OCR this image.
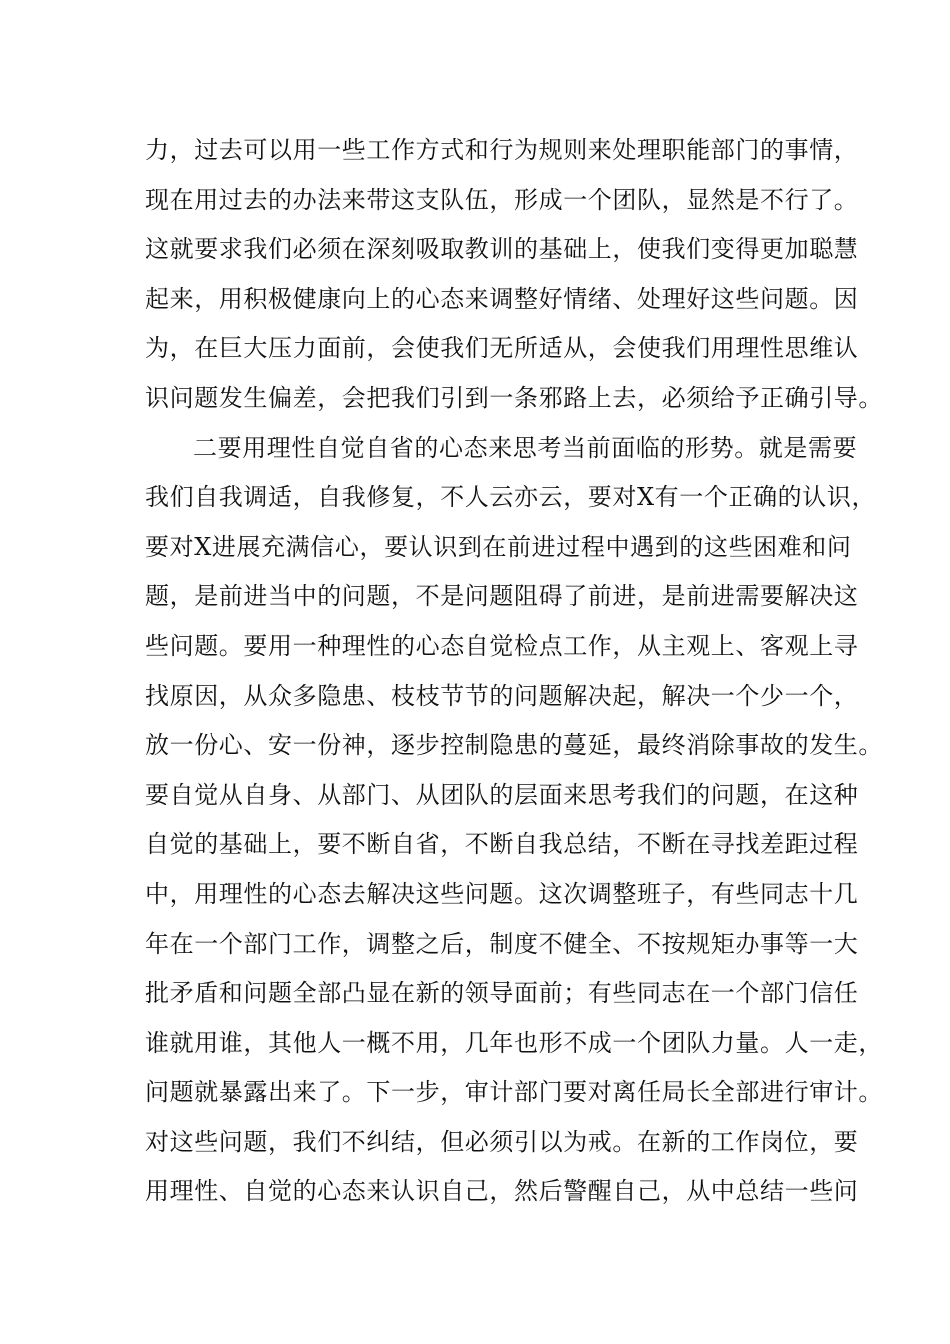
力，过去可以用一些工作方式和行为规则来处理职能部门的事情，
现在用过去的办法来带这支队伍，形成一个团队，显然是不行了。
这就要求我们必须在深刻吸取教训的基础上，使我们变得更加聪慧
起来，用积极健康向上的心态来调整好情绪、处理好这些问题。因
为，在巨大压力面前，会使我们无所适从，会使我们用理性思维认
识问题发生偏差，会把我们引到一条邪路上去，必须给予正确引导。
二要用理性自觉自省的心态来思考当前面临的形势。就是需要
我们自我调适，自我修复，不人云亦云，要对X有一个正确的认识，
要对X进展充满信心，要认识到在前进过程中遇到的这些困难和问
题，是前进当中的问题，不是问题阻碍了前进，是前进需要解决这
些问题。要用一种理性的心态自觉检点工作，从主观上、客观上寻
找原因，从众多隐患、枝枝节节的问题解决起，解决一个少一个，
放一份心、安一份神，逐步控制隐患的蔓延，最终消除事故的发生。
要自觉从自身、从部门、从团队的层面来思考我们的问题，在这种
自觉的基础上，要不断自省，不断自我总结，不断在寻找差距过程
中，用理性的心态去解决这些问题。这次调整班子，有些同志十几
年在一个部门工作，调整之后，制度不健全、不按规矩办事等一大
批矛盾和问题全部凸显在新的领导面前；有些同志在一个部门信任
谁就用谁，其他人一概不用，几年也形不成一个团队力量。人一走，
问题就暴露出来了。下一步，审计部门要对离任局长全部进行审计。
对这些问题，我们不纠结，但必须引以为戒。在新的工作岗位，要
用理性、自觉的心态来认识自己，然后警醒自己，从中总结一些问
